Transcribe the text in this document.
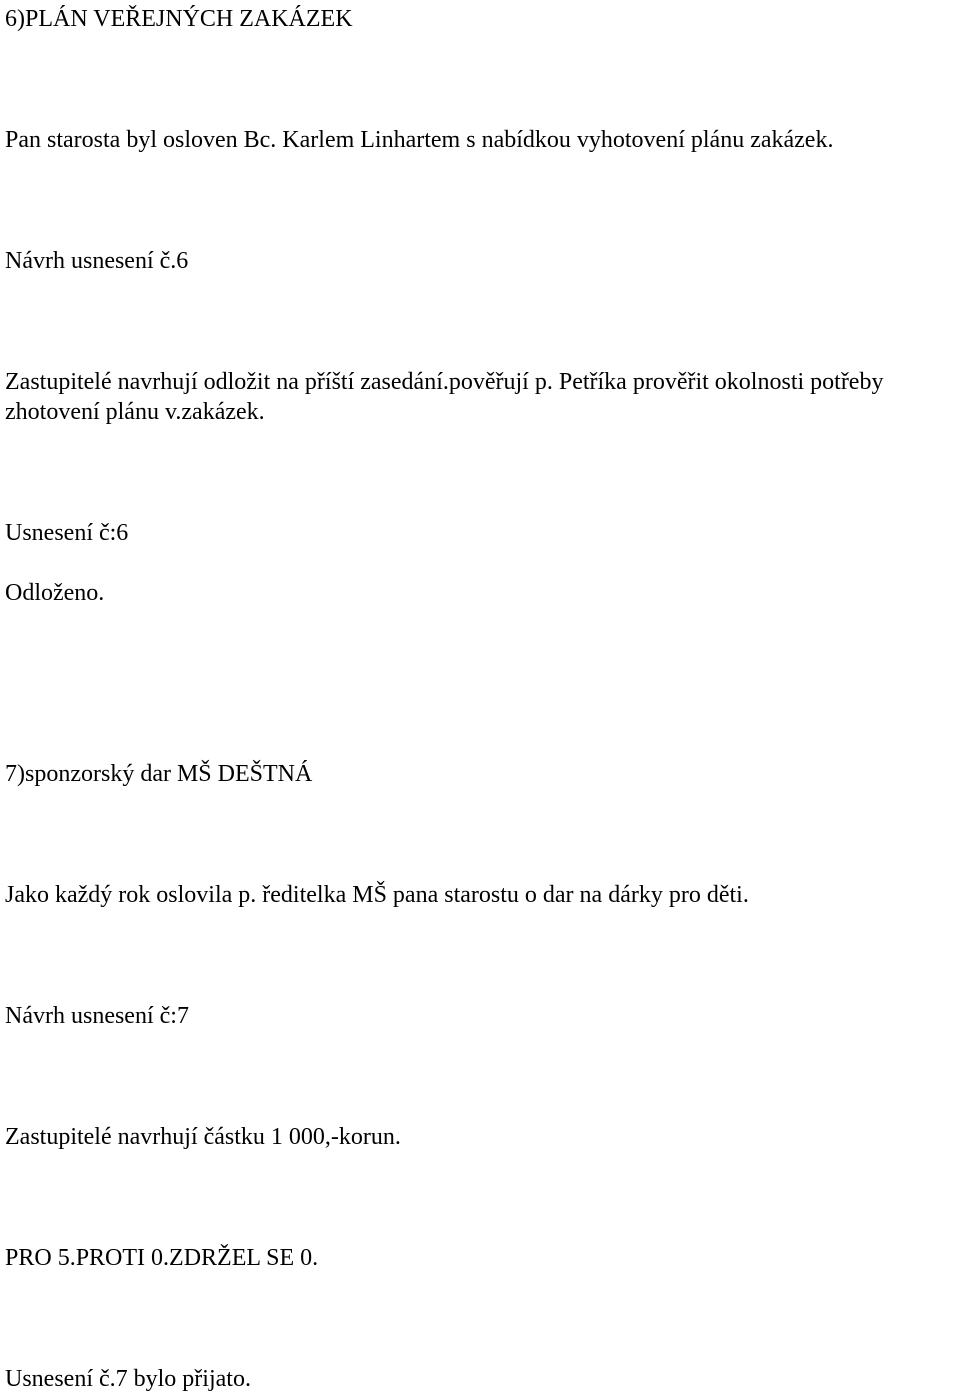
6)PLÁN VEŘEJNÝCH ZAKÁZEK

Pan starosta byl osloven Bc. Karlem Linhartem s nabídkou vyhotovení plánu zakázek.

Návrh usnesení č.6

Zastupitelé navrhují odložit na příští zasedání.pověřují p. Petříka prověřit okolnosti potřeby

zhotovení plánu v.zakázek.

Usnesení č:6

Odloženo.

7)sponzorský dar MŠ DEŠTNÁ

Jako každý rok oslovila p. ředitelka MŠ pana starostu o dar na dárky pro děti.

Návrh usnesení č:7

Zastupitelé navrhují částku 1 000,-korun.

PRO 5.PROTI 0.ZDRŽEL SE 0.

Usnesení č.7 bylo přijato.
